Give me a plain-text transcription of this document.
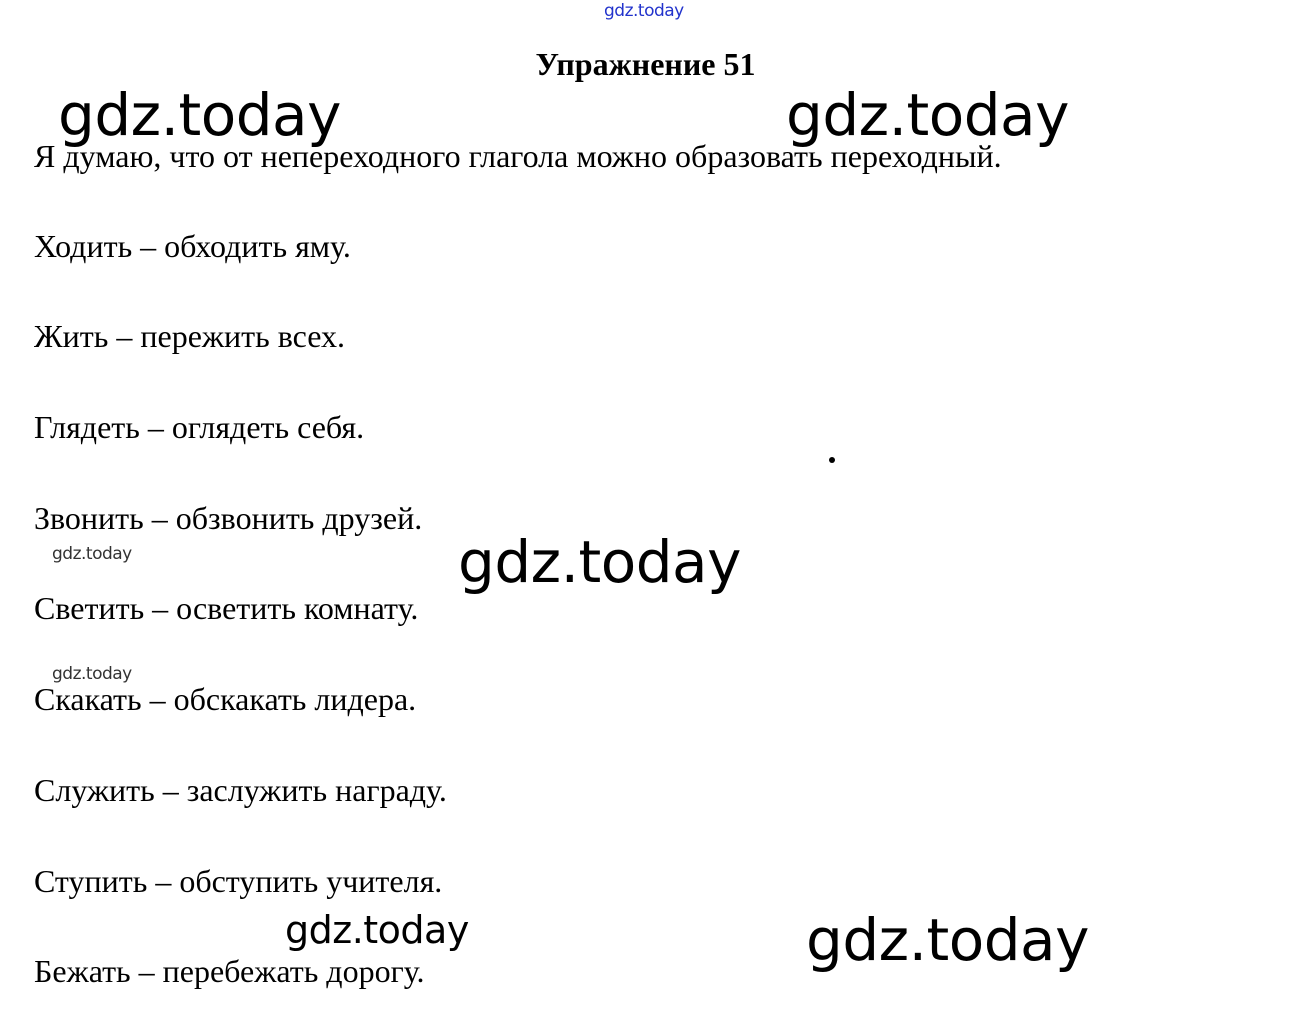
gdz.today
Упражнение 51
gdz.today	gdz.today

Я думаю, что от непереходного глагола можно образовать переходный.

Ходить – обходить яму.

Жить – пережить всех.

Глядеть – оглядеть себя.

Звонить – обзвонить друзей.

Светить – осветить комнату.

Скакать – обскакать лидера.

Служить – заслужить награду.

Ступить – обступить учителя.

Бежать – перебежать дорогу.

gdz.today	gdz.today
gdz.today
gdz.today	gdz.today
